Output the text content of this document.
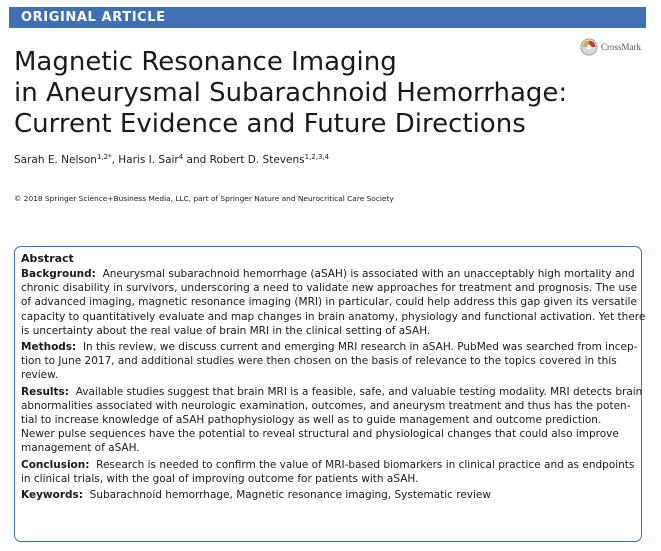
ORIGINAL ARTICLE
CrossMark
Magnetic Resonance Imaging
in Aneurysmal Subarachnoid Hemorrhage:
Current Evidence and Future Directions
Sarah E. Nelson$^{1,2*}$, Haris I. Sair$^4$ and Robert D. Stevens$^{1,2,3,4}$
© 2018 Springer Science+Business Media, LLC, part of Springer Nature and Neurocritical Care Society
Abstract
Background: Aneurysmal subarachnoid hemorrhage (aSAH) is associated with an unacceptably high mortality and
chronic disability in survivors, underscoring a need to validate new approaches for treatment and prognosis. The use
of advanced imaging, magnetic resonance imaging (MRI) in particular, could help address this gap given its versatile
capacity to quantitatively evaluate and map changes in brain anatomy, physiology and functional activation. Yet there
is uncertainty about the real value of brain MRI in the clinical setting of aSAH.
Methods: In this review, we discuss current and emerging MRI research in aSAH. PubMed was searched from incep-
tion to June 2017, and additional studies were then chosen on the basis of relevance to the topics covered in this
review.
Results: Available studies suggest that brain MRI is a feasible, safe, and valuable testing modality. MRI detects brain
abnormalities associated with neurologic examination, outcomes, and aneurysm treatment and thus has the poten-
tial to increase knowledge of aSAH pathophysiology as well as to guide management and outcome prediction.
Newer pulse sequences have the potential to reveal structural and physiological changes that could also improve
management of aSAH.
Conclusion: Research is needed to confirm the value of MRI-based biomarkers in clinical practice and as endpoints
in clinical trials, with the goal of improving outcome for patients with aSAH.
Keywords: Subarachnoid hemorrhage, Magnetic resonance imaging, Systematic review
